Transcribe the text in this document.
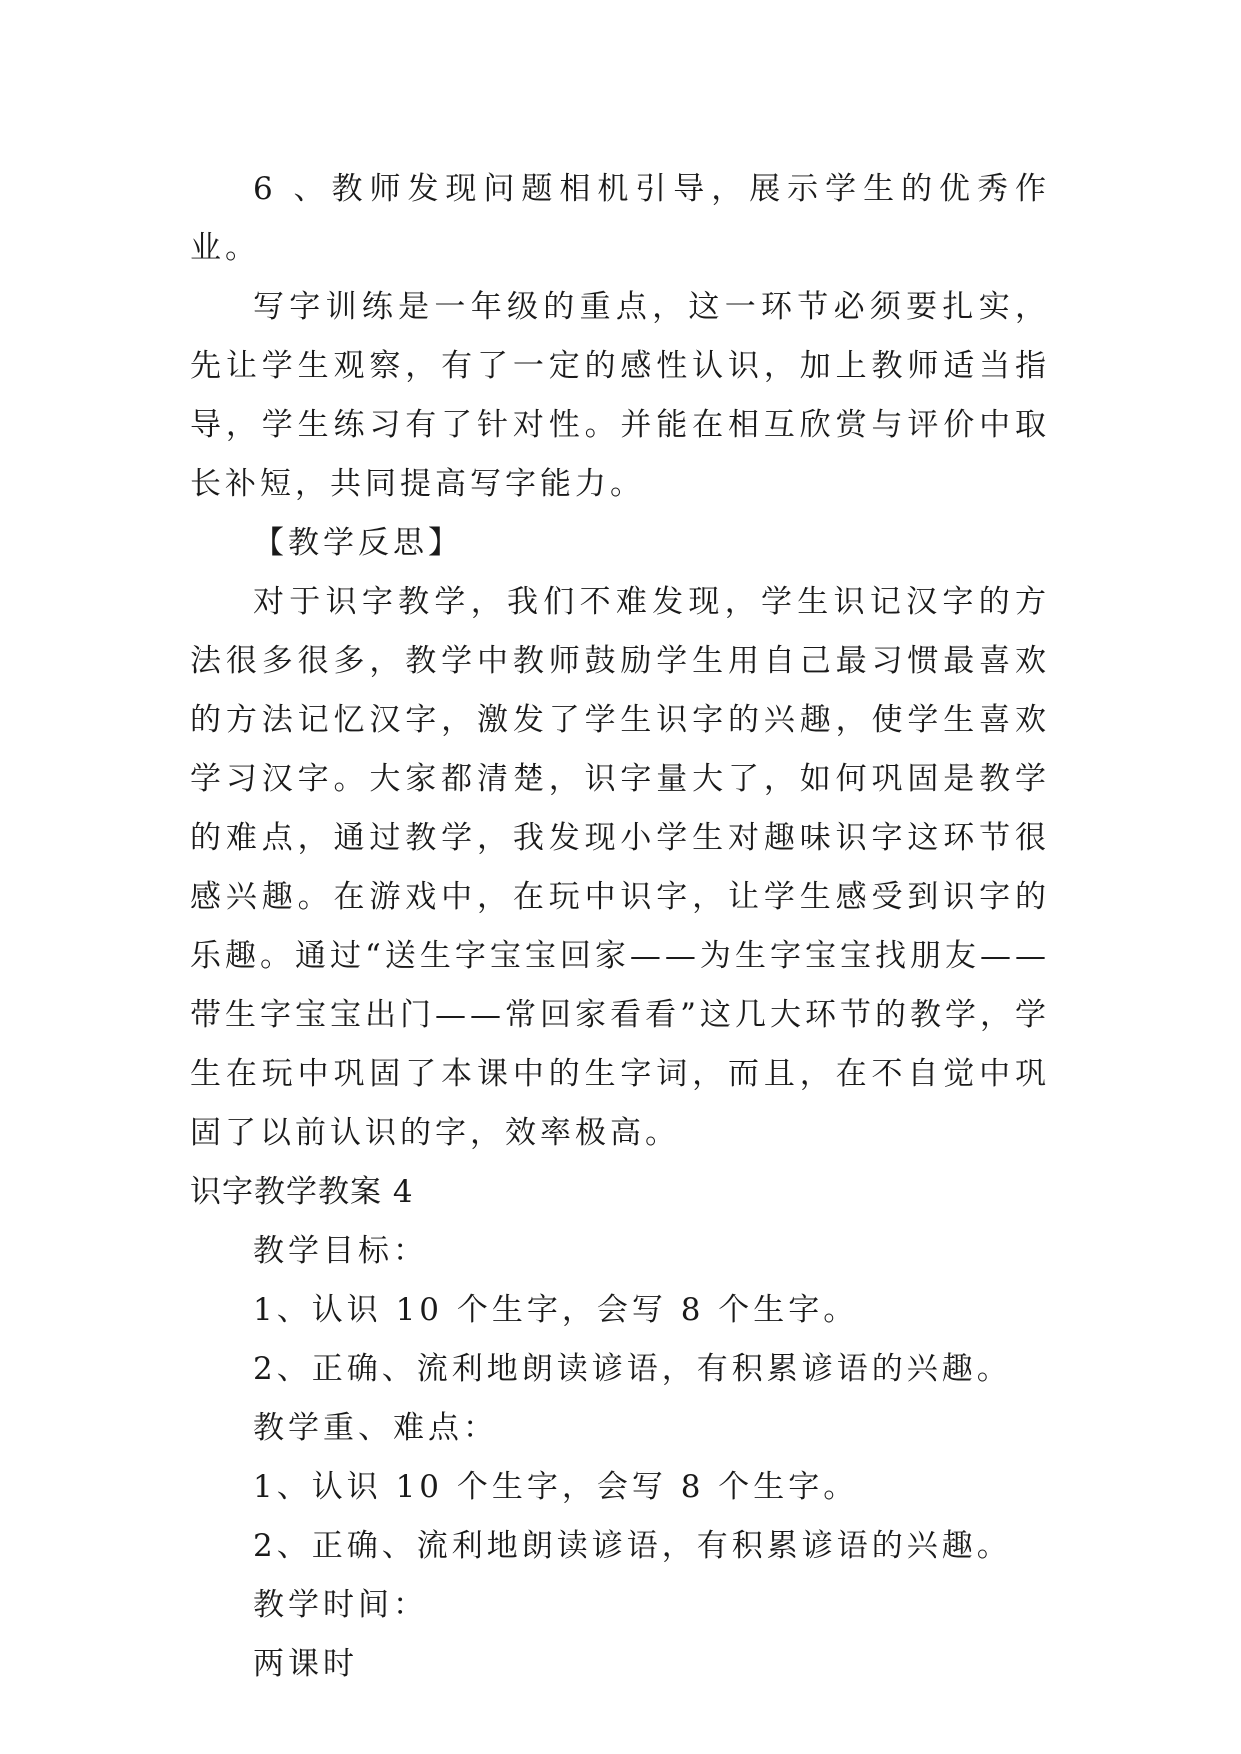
6 、教师发现问题相机引导，展示学生的优秀作业。

写字训练是一年级的重点，这一环节必须要扎实，先让学生观察，有了一定的感性认识，加上教师适当指导，学生练习有了针对性。并能在相互欣赏与评价中取长补短，共同提高写字能力。

【教学反思】

对于识字教学，我们不难发现，学生识记汉字的方法很多很多，教学中教师鼓励学生用自己最习惯最喜欢的方法记忆汉字，激发了学生识字的兴趣，使学生喜欢学习汉字。大家都清楚，识字量大了，如何巩固是教学的难点，通过教学，我发现小学生对趣味识字这环节很感兴趣。在游戏中，在玩中识字，让学生感受到识字的乐趣。通过“送生字宝宝回家——为生字宝宝找朋友——带生字宝宝出门——常回家看看”这几大环节的教学，学生在玩中巩固了本课中的生字词，而且，在不自觉中巩固了以前认识的字，效率极高。

识字教学教案 4

教学目标：

1、认识 10 个生字，会写 8 个生字。

2、正确、流利地朗读谚语，有积累谚语的兴趣。

教学重、难点：

1、认识 10 个生字，会写 8 个生字。

2、正确、流利地朗读谚语，有积累谚语的兴趣。

教学时间：

两课时
